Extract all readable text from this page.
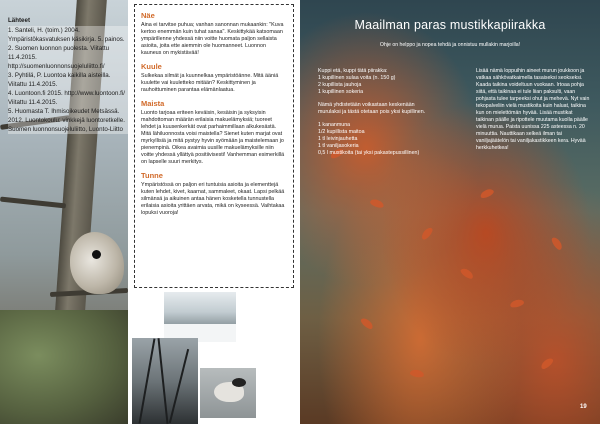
Lähteet

1. Santeli, H. (toim.) 2004.

Ympäristökasvatuksen käsikirja. 5. painos.

2. Suomen luonnon puolesta. Viitattu 11.4.2015. http://suomenluonnonsuojeluliitto.fi/

3. Pyhtilä, P. Luontoa kaikilla aisteilla. Viitattu 11.4.2015.

4. Luontoon.fi 2015. http://www.luontoon.fi/ Viitattu 11.4.2015.

5. Huomasta T. Ihmisoikeudet Metsässä. 2012. Luontokoulu: vinkkejä luontoretkelle. Suomen luonnonsuojeluliitto, Luonto-Liitto

Näe

Aina ei tarvitse puhua; vanhan sanonnan mukaankin: "Kuva kertoo enemmän kuin tuhat sanaa". Keskittykää katsomaan ympärillenne yhdessä niin voitte huomata paljon sellaista asioita, joita ette aiemmin ole huomanneet. Luonnon kauneus on mykistävää!

Kuule

Sulkekaa silmät ja kuunnelkaa ympäristöänne. Mitä ääniä kuulette vai kuuletteko mitään? Keskittyminen ja rauhoittuminen parantaa elämänlaatua.

Maista

Luonto tarjoaa eriteen keväisin, kesäisin ja syksyisin mahdottoman määrän erilaisia makuelämyksiä; tuoreet lehdet ja kuusenkerkät ovat parhaimmillaan alkukesästä. Mitä lähiluonnosta voisi maistella? Sienet kuten marjat ovat myrkyllisiä ja mitä pystyy hyvin syömään ja maistelemaan jo pienempinä. Oikea avaimia uusille makuelämyksille niin voitte yhdessä yllättyä positiivisesti! Vanhemman esimerkillä on lapselle suuri merkitys.

Tunne

Ympäristössä on paljon eri tuntuisia asioita ja elementtejä kuten lehdet, kivet, kaarnat, sammaleet, okaat. Lapsi pelkää silmänsä ja aikuinen antaa hänen kosketella tunnustella erilaisia asioita yrittäen arvata, mikä on kyseessä. Vaihtakaa lopuksi vuoroja!

Maailman paras mustikkapiirakka
Ohje on helppo ja nopea tehdä ja onnistuu mullakin marjoilla!

Kuppi etä, kuppi tätä piirakka:
1 kupillinen sulaa voita (n. 150 g)
2 kupillista jauhoja
1 kupillinen sokeria

Nämä yhdistetään voikastaan keskenään murulaksi ja tästä otetaan pois yksi kupillinen.

1 kananmuna
1/2 kupillista maitoa
1 tl leivinjauhetta
1 tl vaniljasokeria
0,5 l mustikoita (tai yksi pakastepussillinen)

Lisää nämä loppuihin aineet murun joukkoon ja vatkaa sähkövatkaimella tasaiseksi seokseksi. Kaada taikina voideltuun vuokaan. Irtoaa pohja siitä, että taikinaa ei tule liian paksulti, vaan pohjasta tulee tarpeeksi ohut ja mehevä. Nyt vain tekopalveliin vielä mustikoita kuin haluat, taikina kun on mielettömän hyvää. Lisää mustikat taikinan päälle ja ripottele muutama kuolla päälle vielä murua. Paista uunissa 225 asteessa n. 20 minuuttia. Nauttikaan selkeä ilman tai vaniljajäätelön tai vaniljakastikkeen kera. Hyvää herkkuhetkea!
19
